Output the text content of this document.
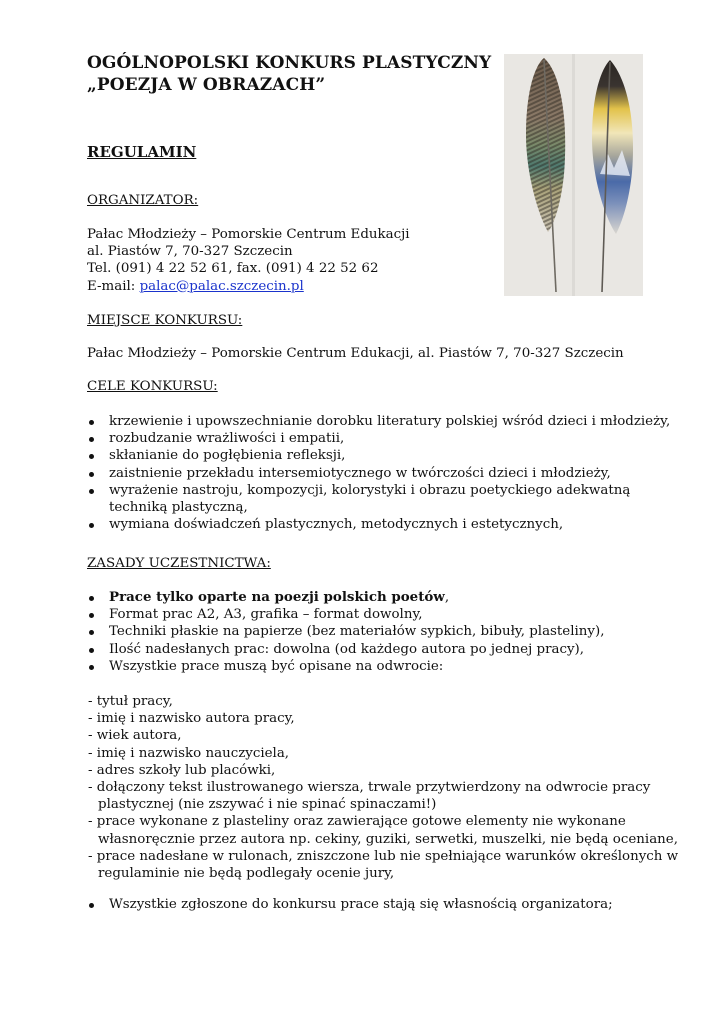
OGÓLNOPOLSKI KONKURS PLASTYCZNY
„POEZJA W OBRAZACH”
REGULAMIN
ORGANIZATOR:
Pałac Młodzieży – Pomorskie Centrum Edukacji
al. Piastów 7, 70-327 Szczecin
Tel. (091) 4 22 52 61, fax. (091) 4 22 52 62
E-mail: palac@palac.szczecin.pl
MIEJSCE KONKURSU:
Pałac Młodzieży – Pomorskie Centrum Edukacji, al. Piastów 7, 70-327 Szczecin
CELE KONKURSU:
krzewienie i upowszechnianie dorobku literatury polskiej wśród dzieci i młodzieży,
rozbudzanie wrażliwości i empatii,
skłanianie do pogłębienia refleksji,
zaistnienie przekładu intersemiotycznego w twórczości dzieci i młodzieży,
wyrażenie nastroju, kompozycji, kolorystyki i obrazu poetyckiego adekwatną
techniką plastyczną,
wymiana doświadczeń plastycznych, metodycznych i estetycznych,
ZASADY UCZESTNICTWA:
Prace tylko oparte na poezji polskich poetów,
Format prac A2, A3, grafika – format dowolny,
Techniki płaskie na papierze (bez materiałów sypkich, bibuły, plasteliny),
Ilość nadesłanych prac: dowolna (od każdego autora po jednej pracy),
Wszystkie prace muszą być opisane na odwrocie:
- tytuł pracy,
- imię i nazwisko autora pracy,
- wiek autora,
- imię i nazwisko nauczyciela,
- adres szkoły lub placówki,
- dołączony tekst ilustrowanego wiersza, trwale przytwierdzony na odwrocie pracy
plastycznej (nie zszywać i nie spinać spinaczami!)
- prace wykonane z plasteliny oraz zawierające gotowe elementy nie wykonane
własnoręcznie przez autora np. cekiny, guziki, serwetki, muszelki, nie będą oceniane,
- prace nadesłane w rulonach, zniszczone lub nie spełniające warunków określonych w
regulaminie nie będą podlegały ocenie jury,
Wszystkie zgłoszone do konkursu prace stają się własnością organizatora;
